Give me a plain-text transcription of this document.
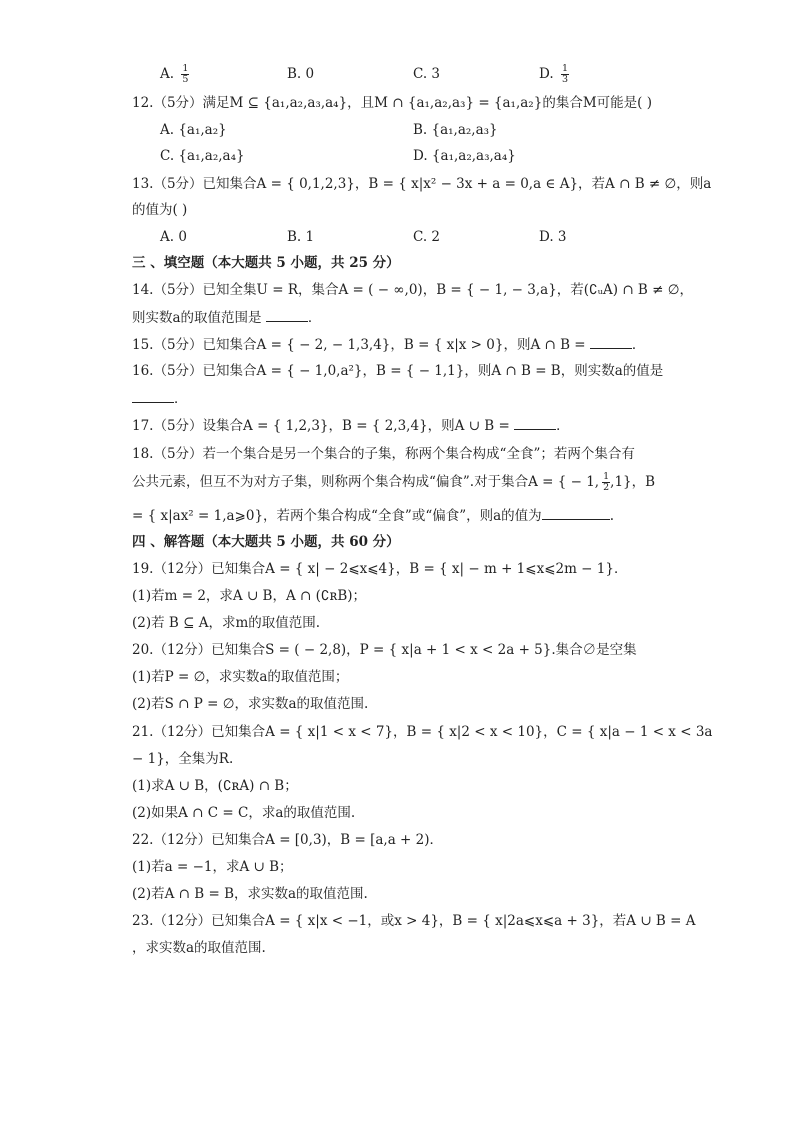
A. $\frac{1}{5}$	B. 0	C. 3	D. $\frac{1}{3}$
12.（5分）满足M ⊆ {a₁,a₂,a₃,a₄}，且M ∩ {a₁,a₂,a₃} = {a₁,a₂}的集合M可能是( )
A. {a₁,a₂}	B. {a₁,a₂,a₃}
C. {a₁,a₂,a₄}	D. {a₁,a₂,a₃,a₄}
13.（5分）已知集合A = { 0,1,2,3}，B = { x|x² − 3x + a = 0,a ∈ A}，若A ∩ B ≠ ∅，则a
的值为( )
A. 0	B. 1	C. 2	D. 3
三 、填空题（本大题共 5 小题，共 25 分）
14.（5分）已知全集U = R，集合A = ( − ∞,0)，B = { − 1, − 3,a}，若(∁ᵤA) ∩ B ≠ ∅，
则实数a的取值范围是	．
15.（5分）已知集合A = { − 2, − 1,3,4}，B = { x|x > 0}，则A ∩ B =	．
16.（5分）已知集合A = { − 1,0,a²}，B = { − 1,1}，则A ∩ B = B，则实数a的值是
．
17.（5分）设集合A = { 1,2,3}，B = { 2,3,4}，则A ∪ B =	．
18.（5分）若一个集合是另一个集合的子集，称两个集合构成“全食”；若两个集合有
公共元素，但互不为对方子集，则称两个集合构成“偏食”.对于集合A = { − 1, $\frac{1}{2} ,1$}，B
= { x|ax² = 1,a⩾0}，若两个集合构成“全食”或“偏食”，则a的值为	.
四 、解答题（本大题共 5 小题，共 60 分）
19.（12分）已知集合A = { x| − 2⩽x⩽4}，B = { x| − m + 1⩽x⩽2m − 1}．
(1)若m = 2，求A ∪ B，A ∩ (∁ʀB)；
(2)若 B ⊆ A，求m的取值范围.
20.（12分）已知集合S = ( − 2,8)，P = { x|a + 1 < x < 2a + 5}.集合∅是空集
(1)若P = ∅，求实数a的取值范围；
(2)若S ∩ P = ∅，求实数a的取值范围.
21.（12分）已知集合A = { x|1 < x < 7}，B = { x|2 < x < 10}，C = { x|a − 1 < x < 3a
− 1}，全集为R.
(1)求A ∪ B，(∁ʀA) ∩ B；
(2)如果A ∩ C = C，求a的取值范围.
22.（12分）已知集合A = [0,3)，B = [a,a + 2)．
(1)若a = −1，求A ∪ B；
(2)若A ∩ B = B，求实数a的取值范围.
23.（12分）已知集合A = { x|x < −1，或x > 4}，B = { x|2a⩽x⩽a + 3}，若A ∪ B = A
，求实数a的取值范围.
